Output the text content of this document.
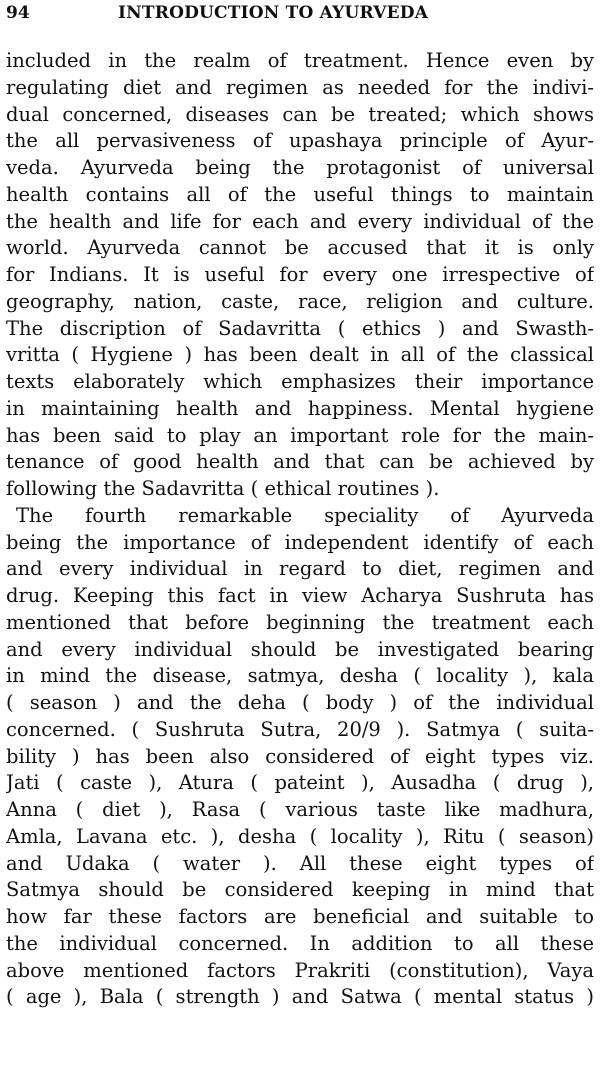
94	INTRODUCTION TO AYURVEDA
included in the realm of treatment. Hence even by
regulating diet and regimen as needed for the indivi-
dual concerned, diseases can be treated; which shows
the all pervasiveness of upashaya principle of Ayur-
veda. Ayurveda being the protagonist of universal
health contains all of the useful things to maintain
the health and life for each and every individual of the
world. Ayurveda cannot be accused that it is only
for Indians. It is useful for every one irrespective of
geography, nation, caste, race, religion and culture.
The discription of Sadavritta ( ethics ) and Swasth-
vritta ( Hygiene ) has been dealt in all of the classical
texts elaborately which emphasizes their importance
in maintaining health and happiness. Mental hygiene
has been said to play an important role for the main-
tenance of good health and that can be achieved by
following the Sadavritta ( ethical routines ).
The fourth remarkable speciality of Ayurveda
being the importance of independent identify of each
and every individual in regard to diet, regimen and
drug. Keeping this fact in view Acharya Sushruta has
mentioned that before beginning the treatment each
and every individual should be investigated bearing
in mind the disease, satmya, desha ( locality ), kala
( season ) and the deha ( body ) of the individual
concerned. ( Sushruta Sutra, 20/9 ). Satmya ( suita-
bility ) has been also considered of eight types viz.
Jati ( caste ), Atura ( pateint ), Ausadha ( drug ),
Anna ( diet ), Rasa ( various taste like madhura,
Amla, Lavana etc. ), desha ( locality ), Ritu ( season)
and Udaka ( water ). All these eight types of
Satmya should be considered keeping in mind that
how far these factors are beneficial and suitable to
the individual concerned. In addition to all these
above mentioned factors Prakriti (constitution), Vaya
( age ), Bala ( strength ) and Satwa ( mental status )
